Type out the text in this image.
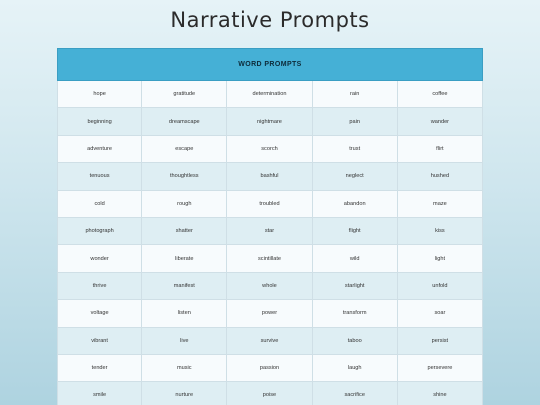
Narrative Prompts
WORD PROMPTS
hope	gratitude	determination	rain	coffee
beginning	dreamscape	nightmare	pain	wander
adventure	escape	scorch	trust	flirt
tenuous	thoughtless	bashful	neglect	hushed
cold	rough	troubled	abandon	maze
photograph	shatter	star	flight	kiss
wonder	liberate	scintillate	wild	light
thrive	manifest	whole	starlight	unfold
voltage	listen	power	transform	soar
vibrant	live	survive	taboo	persist
tender	music	passion	laugh	persevere
smile	nurture	poise	sacrifice	shine
